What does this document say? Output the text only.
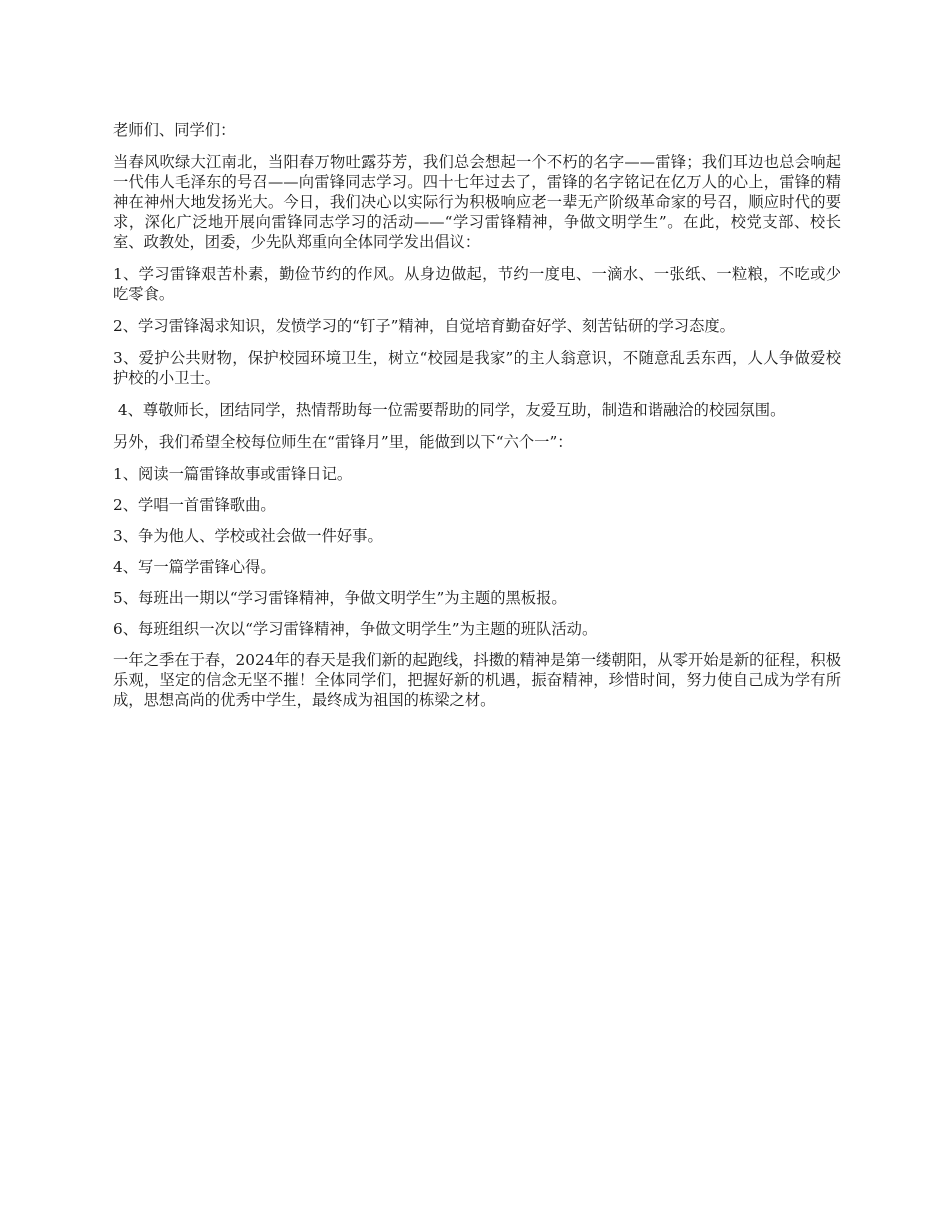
老师们、同学们：

当春风吹绿大江南北，当阳春万物吐露芬芳，我们总会想起一个不朽的名字——雷锋；我们耳边也总会响起一代伟人毛泽东的号召——向雷锋同志学习。四十七年过去了，雷锋的名字铭记在亿万人的心上，雷锋的精神在神州大地发扬光大。今日，我们决心以实际行为积极响应老一辈无产阶级革命家的号召，顺应时代的要求，深化广泛地开展向雷锋同志学习的活动——“学习雷锋精神，争做文明学生”。在此，校党支部、校长室、政教处，团委，少先队郑重向全体同学发出倡议：

1、学习雷锋艰苦朴素，勤俭节约的作风。从身边做起，节约一度电、一滴水、一张纸、一粒粮，不吃或少吃零食。

2、学习雷锋渴求知识，发愤学习的“钉子”精神，自觉培育勤奋好学、刻苦钻研的学习态度。

3、爱护公共财物，保护校园环境卫生，树立“校园是我家”的主人翁意识，不随意乱丢东西，人人争做爱校护校的小卫士。

4、尊敬师长，团结同学，热情帮助每一位需要帮助的同学，友爱互助，制造和谐融洽的校园氛围。

另外，我们希望全校每位师生在“雷锋月”里，能做到以下“六个一”：

1、阅读一篇雷锋故事或雷锋日记。

2、学唱一首雷锋歌曲。

3、争为他人、学校或社会做一件好事。

4、写一篇学雷锋心得。

5、每班出一期以“学习雷锋精神，争做文明学生”为主题的黑板报。

6、每班组织一次以“学习雷锋精神，争做文明学生”为主题的班队活动。

一年之季在于春，2024年的春天是我们新的起跑线，抖擞的精神是第一缕朝阳，从零开始是新的征程，积极乐观，坚定的信念无坚不摧！全体同学们，把握好新的机遇，振奋精神，珍惜时间，努力使自己成为学有所成，思想高尚的优秀中学生，最终成为祖国的栋梁之材。
